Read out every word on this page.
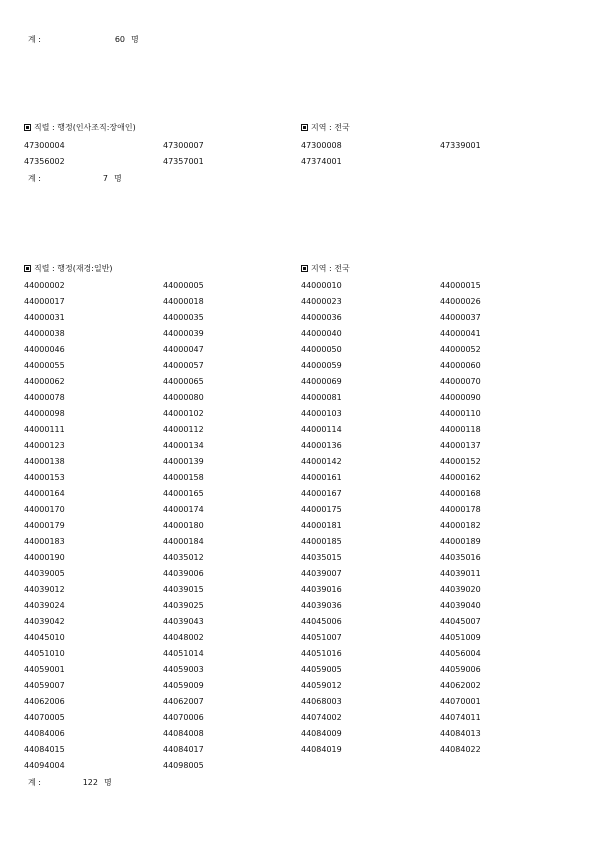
계 :	60 명
직렬 : 행정(인사조직:장애인)	지역 : 전국
47300004	47300007	47300008	47339001
47356002	47357001	47374001
계 :	7 명
직렬 : 행정(재경:일반)	지역 : 전국
44000002	44000005	44000010	44000015
44000017	44000018	44000023	44000026
44000031	44000035	44000036	44000037
44000038	44000039	44000040	44000041
44000046	44000047	44000050	44000052
44000055	44000057	44000059	44000060
44000062	44000065	44000069	44000070
44000078	44000080	44000081	44000090
44000098	44000102	44000103	44000110
44000111	44000112	44000114	44000118
44000123	44000134	44000136	44000137
44000138	44000139	44000142	44000152
44000153	44000158	44000161	44000162
44000164	44000165	44000167	44000168
44000170	44000174	44000175	44000178
44000179	44000180	44000181	44000182
44000183	44000184	44000185	44000189
44000190	44035012	44035015	44035016
44039005	44039006	44039007	44039011
44039012	44039015	44039016	44039020
44039024	44039025	44039036	44039040
44039042	44039043	44045006	44045007
44045010	44048002	44051007	44051009
44051010	44051014	44051016	44056004
44059001	44059003	44059005	44059006
44059007	44059009	44059012	44062002
44062006	44062007	44068003	44070001
44070005	44070006	44074002	44074011
44084006	44084008	44084009	44084013
44084015	44084017	44084019	44084022
44094004	44098005
계 :	122 명
